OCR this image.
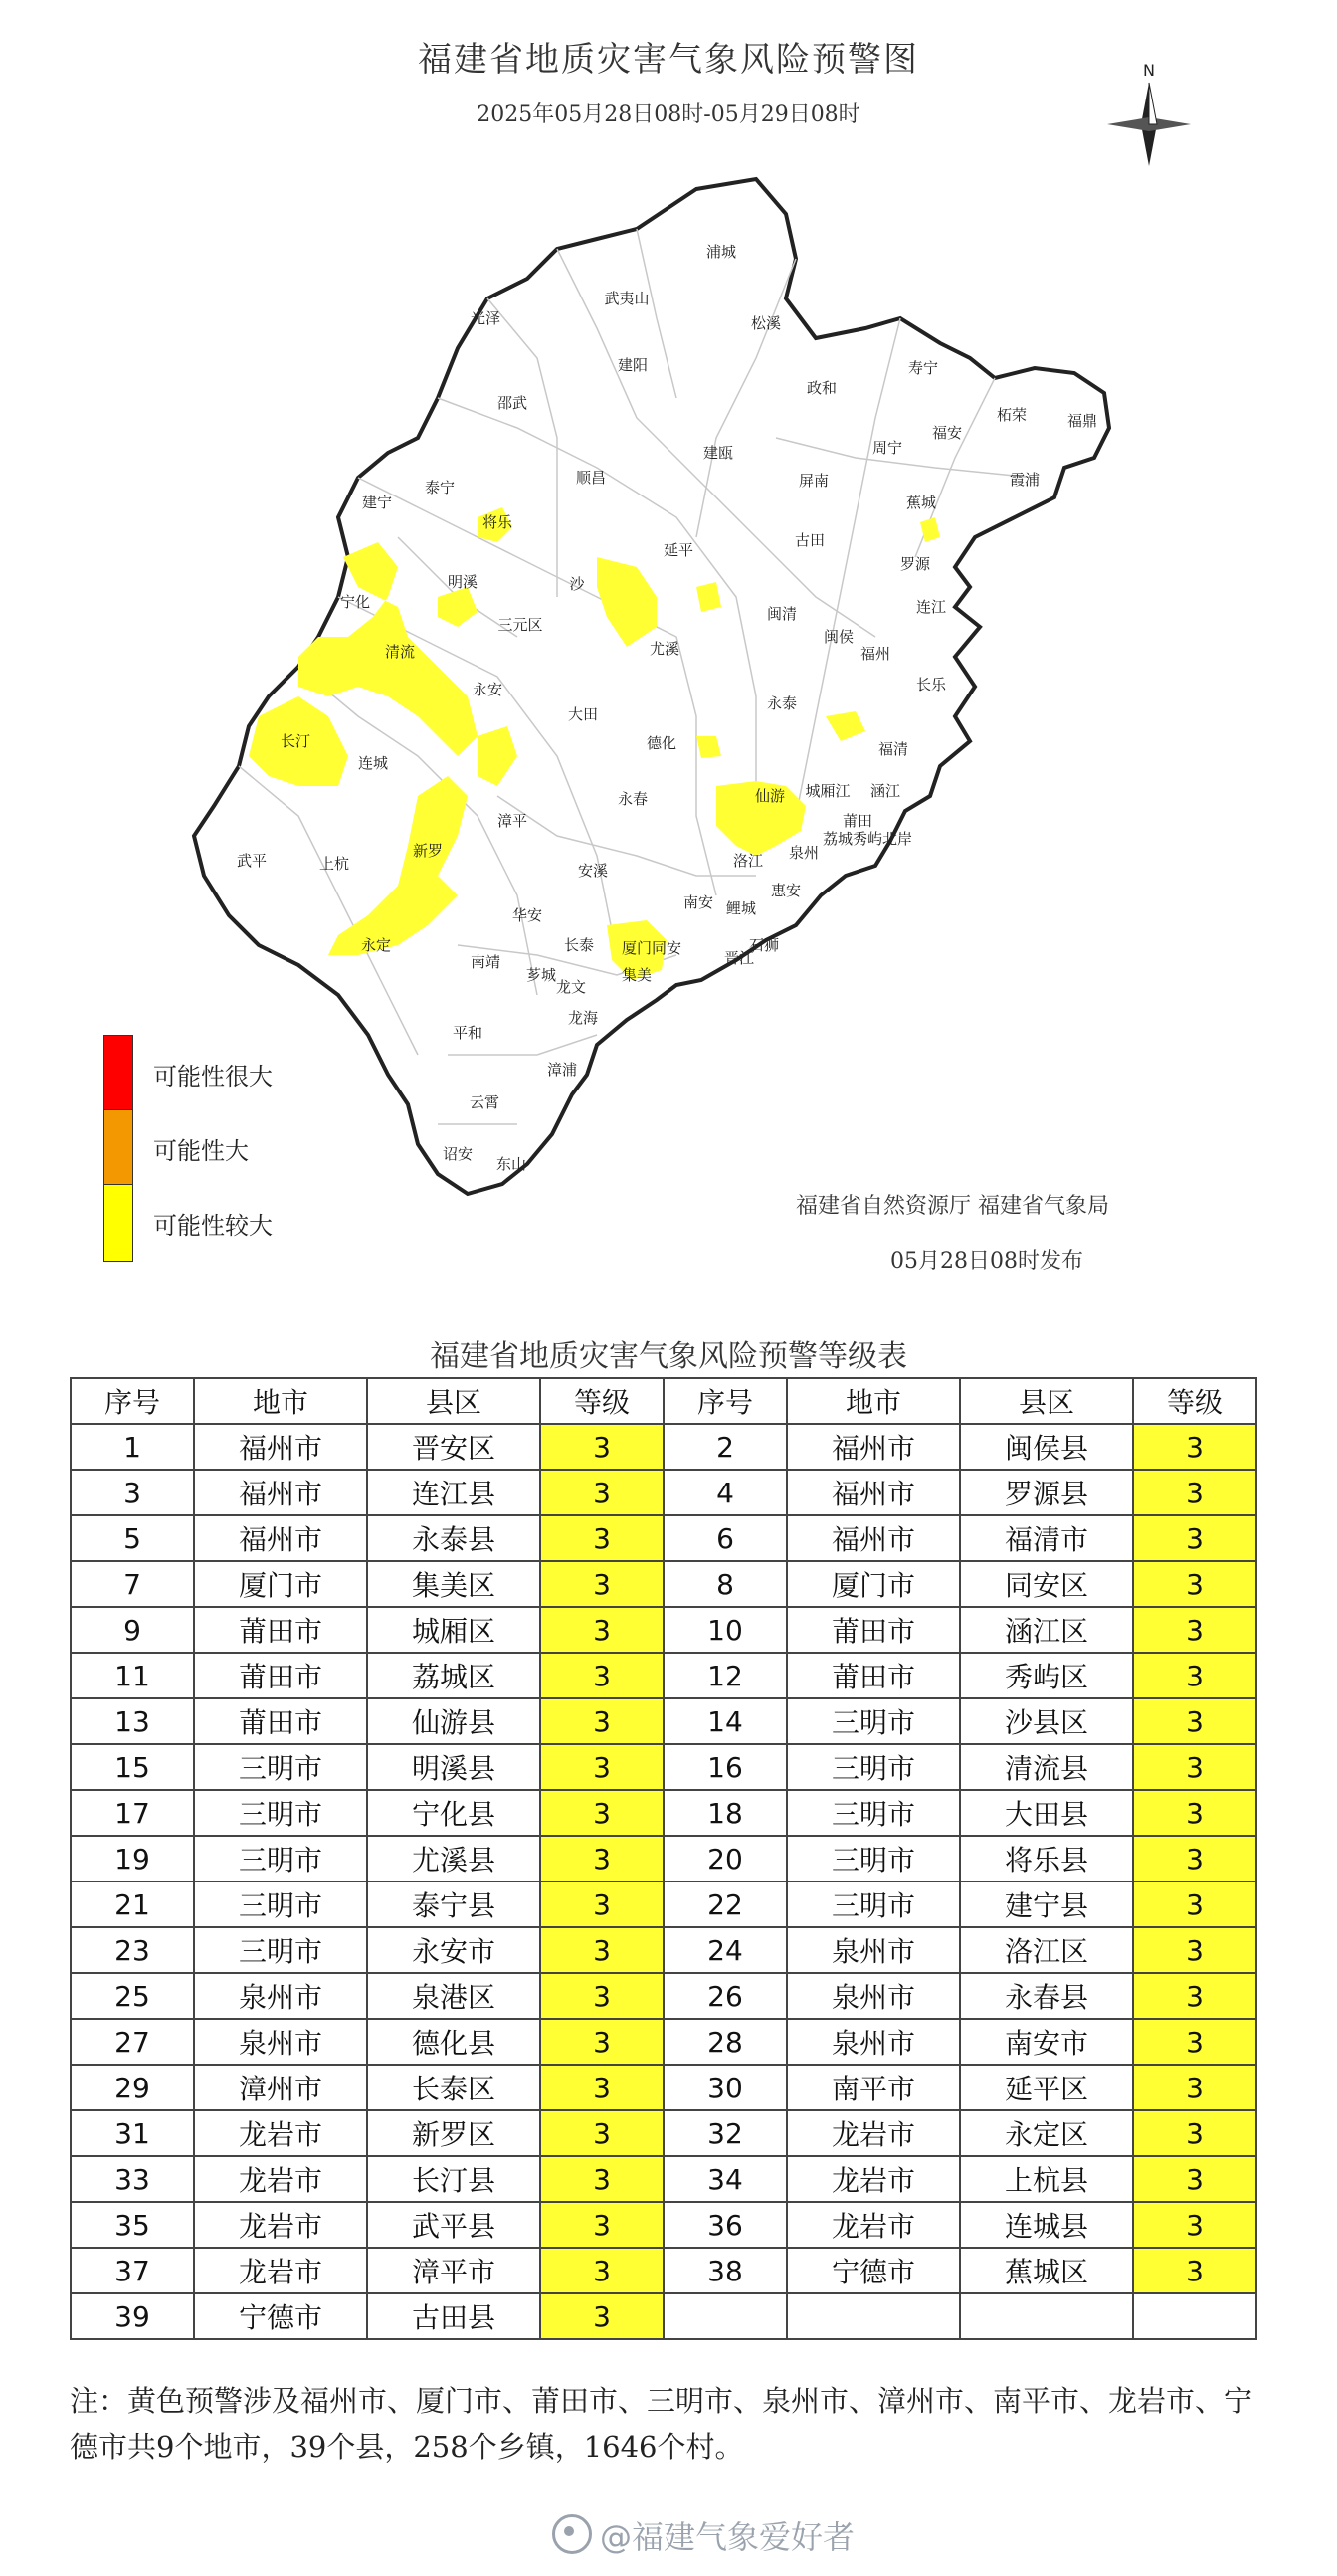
福建省地质灾害气象风险预警图
2025年05月28日08时-05月29日08时
N
浦城
武夷山
光泽	松溪
建阳
政和
寿宁
柘荣	福鼎
邵武
福安
周宁
建瓯
霞浦
顺昌	屏南
泰宁
建宁
将乐
蕉城
延平
古田
罗源
明溪	沙
宁化
闽清	连江
三元区
闽侯
尤溪	福州
清流
长乐
永安
永泰
大田
长汀	德化	福清
连城
永春	仙游 城厢江 涵江
莆田
漳平
荔城秀屿北岸
武平	上杭
新罗
洛江 泉州
安溪
惠安
南安 鲤城
华安
永定	长泰 厦门同安	石狮
晋江
南靖
集美
芗城
龙文
龙海
平和
漳浦
云霄
诏安
东山
可能性很大
可能性大
可能性较大
福建省自然资源厅 福建省气象局
05月28日08时发布
福建省地质灾害气象风险预警等级表
序号	地市	县区	等级	序号	地市	县区	等级
1	福州市	晋安区	3	2	福州市	闽侯县	3
3	福州市	连江县	3	4	福州市	罗源县	3
5	福州市	永泰县	3	6	福州市	福清市	3
7	厦门市	集美区	3	8	厦门市	同安区	3
9	莆田市	城厢区	3	10	莆田市	涵江区	3
11	莆田市	荔城区	3	12	莆田市	秀屿区	3
13	莆田市	仙游县	3	14	三明市	沙县区	3
15	三明市	明溪县	3	16	三明市	清流县	3
17	三明市	宁化县	3	18	三明市	大田县	3
19	三明市	尤溪县	3	20	三明市	将乐县	3
21	三明市	泰宁县	3	22	三明市	建宁县	3
23	三明市	永安市	3	24	泉州市	洛江区	3
25	泉州市	泉港区	3	26	泉州市	永春县	3
27	泉州市	德化县	3	28	泉州市	南安市	3
29	漳州市	长泰区	3	30	南平市	延平区	3
31	龙岩市	新罗区	3	32	龙岩市	永定区	3
33	龙岩市	长汀县	3	34	龙岩市	上杭县	3
35	龙岩市	武平县	3	36	龙岩市	连城县	3
37	龙岩市	漳平市	3	38	宁德市	蕉城区	3
39	宁德市	古田县	3				
注：黄色预警涉及福州市、厦门市、莆田市、三明市、泉州市、漳州市、南平市、龙岩市、宁德市共9个地市，39个县，258个乡镇，1646个村。
@福建气象爱好者
